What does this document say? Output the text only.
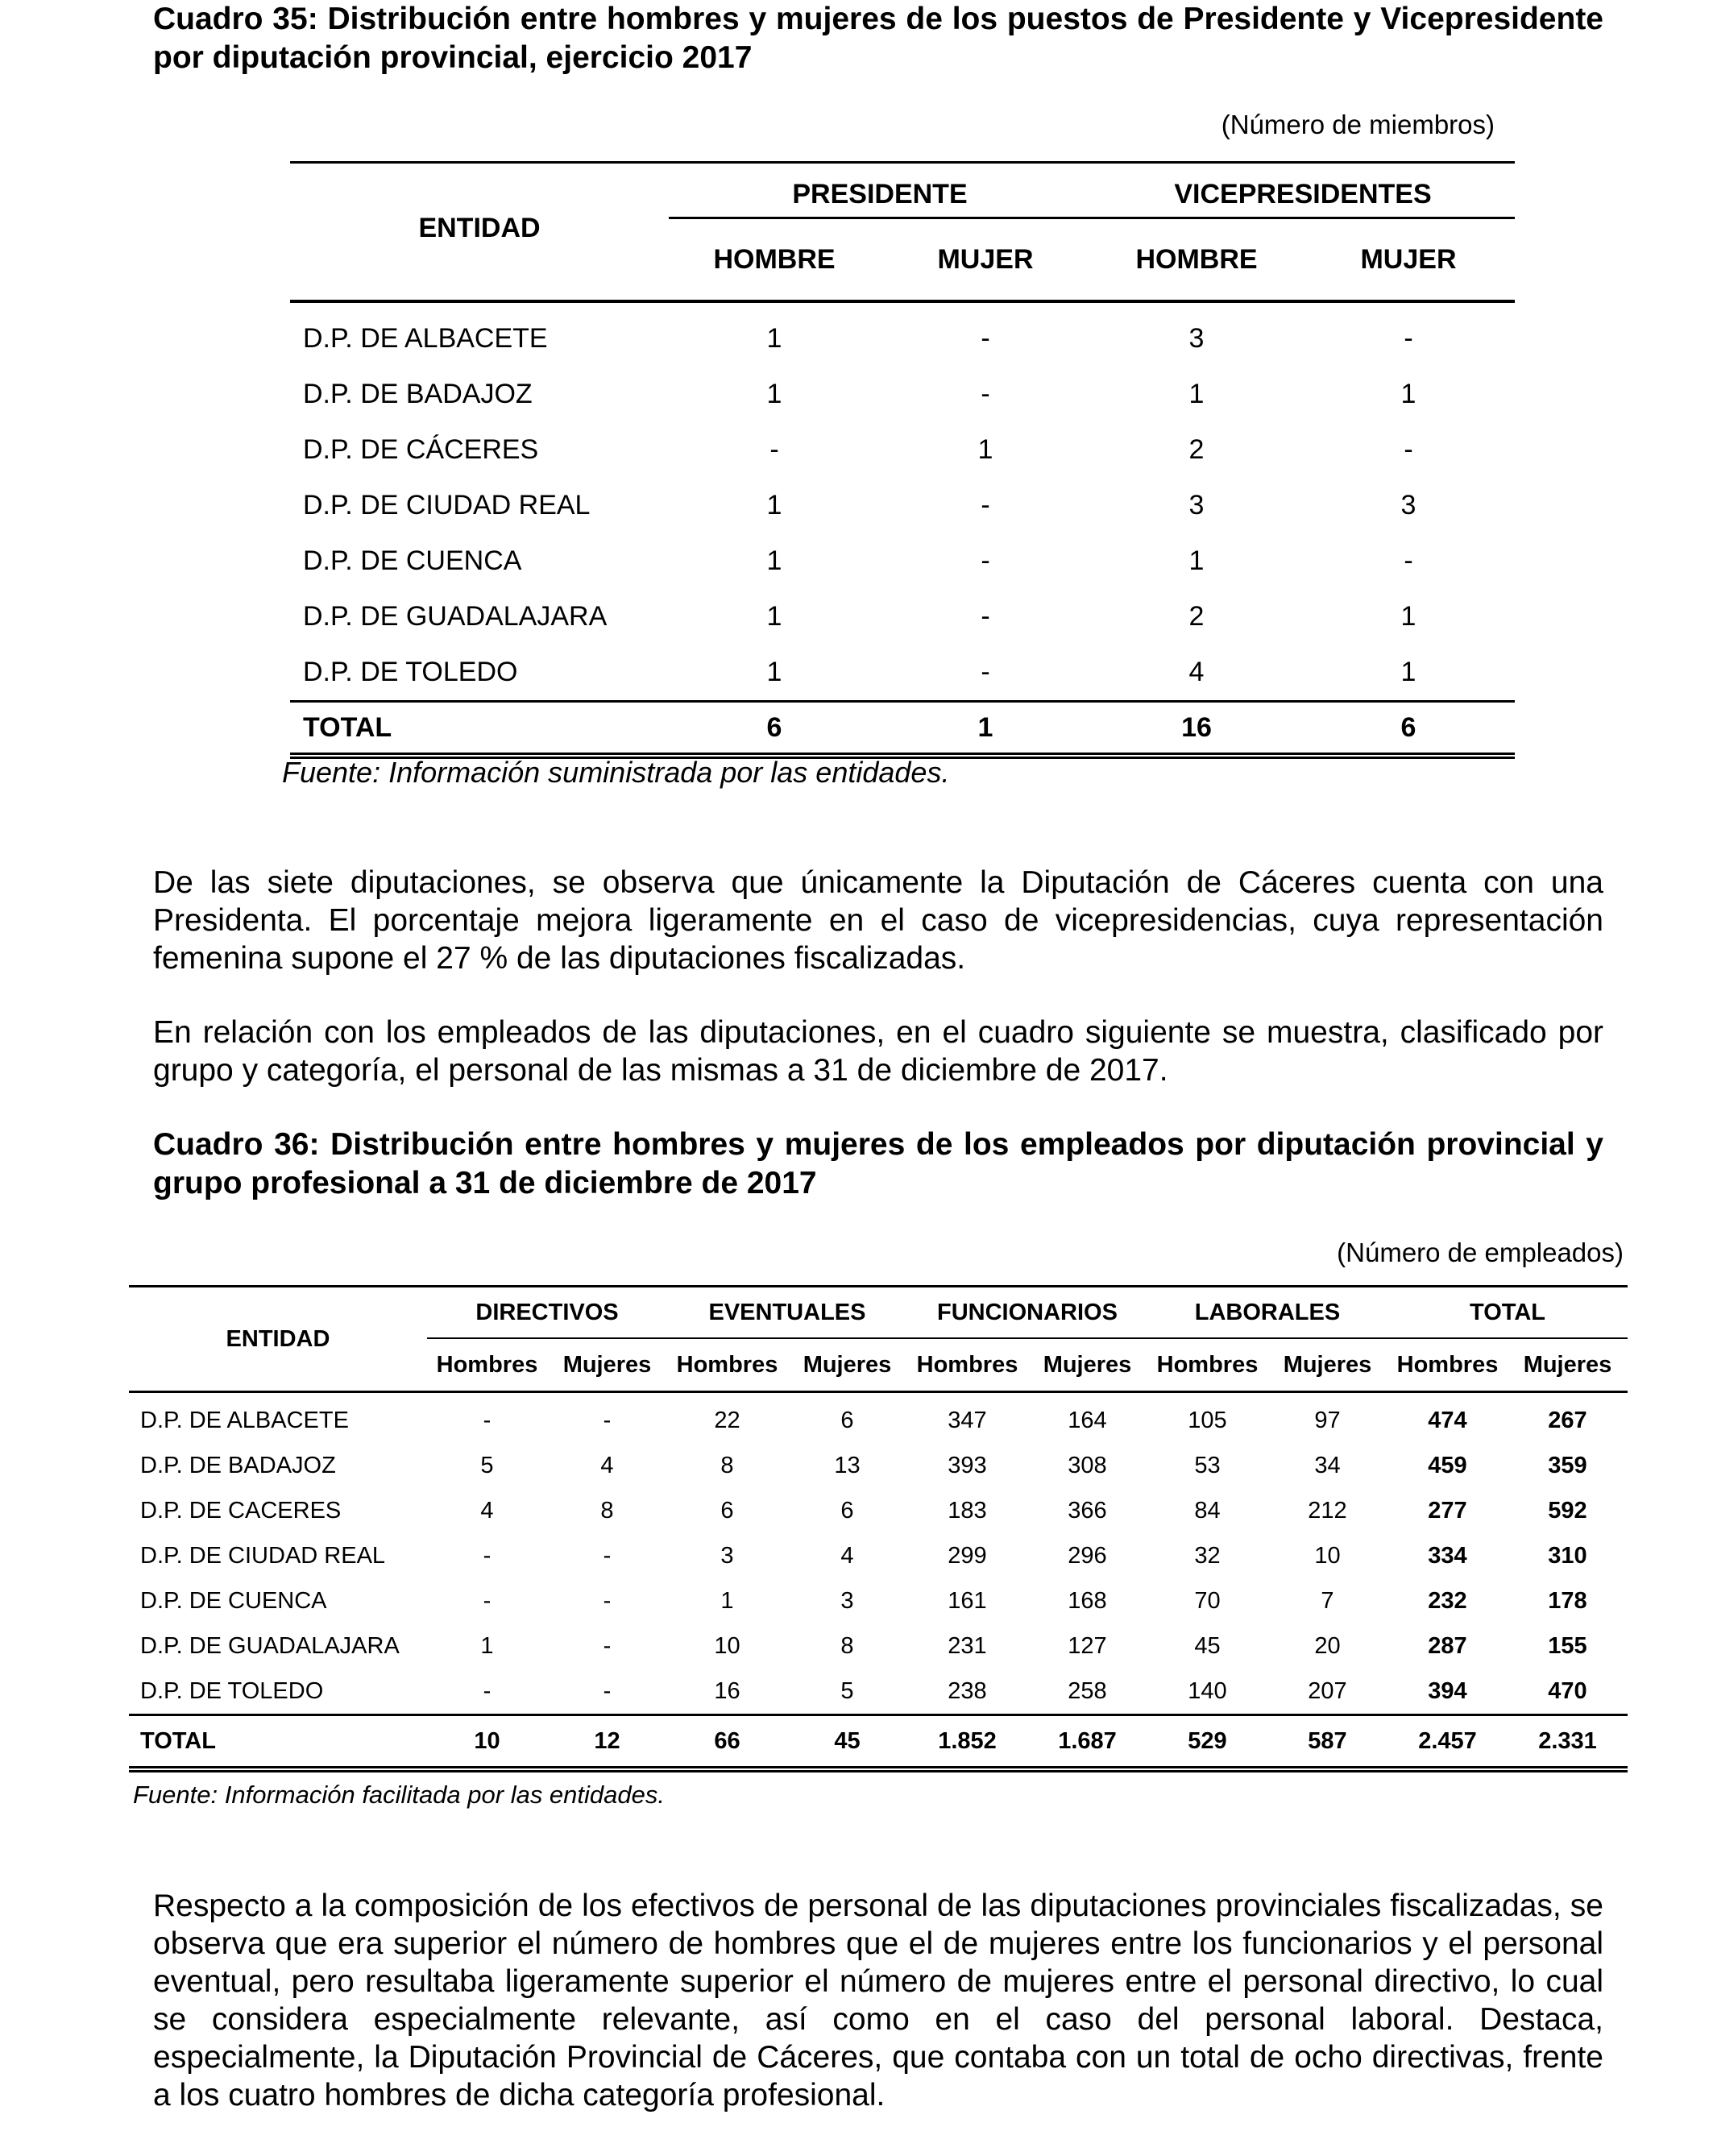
Cuadro 35: Distribución entre hombres y mujeres de los puestos de Presidente y Vicepresidente por diputación provincial, ejercicio 2017

(Número de miembros)

ENTIDAD	PRESIDENTE		VICEPRESIDENTES	
	HOMBRE	MUJER	HOMBRE	MUJER
D.P. DE ALBACETE	1	-	3	-
D.P. DE BADAJOZ	1	-	1	1
D.P. DE CÁCERES	-	1	2	-
D.P. DE CIUDAD REAL	1	-	3	3
D.P. DE CUENCA	1	-	1	-
D.P. DE GUADALAJARA	1	-	2	1
D.P. DE TOLEDO	1	-	4	1
TOTAL	6	1	16	6

Fuente: Información suministrada por las entidades.

De las siete diputaciones, se observa que únicamente la Diputación de Cáceres cuenta con una Presidenta. El porcentaje mejora ligeramente en el caso de vicepresidencias, cuya representación femenina supone el 27 % de las diputaciones fiscalizadas.

En relación con los empleados de las diputaciones, en el cuadro siguiente se muestra, clasificado por grupo y categoría, el personal de las mismas a 31 de diciembre de 2017.

Cuadro 36: Distribución entre hombres y mujeres de los empleados por diputación provincial y grupo profesional a 31 de diciembre de 2017

(Número de empleados)

ENTIDAD	DIRECTIVOS		EVENTUALES		FUNCIONARIOS		LABORALES		TOTAL	
	Hombres	Mujeres	Hombres	Mujeres	Hombres	Mujeres	Hombres	Mujeres	Hombres	Mujeres
D.P. DE ALBACETE	-	-	22	6	347	164	105	97	474	267
D.P. DE BADAJOZ	5	4	8	13	393	308	53	34	459	359
D.P. DE CACERES	4	8	6	6	183	366	84	212	277	592
D.P. DE CIUDAD REAL	-	-	3	4	299	296	32	10	334	310
D.P. DE CUENCA	-	-	1	3	161	168	70	7	232	178
D.P. DE GUADALAJARA	1	-	10	8	231	127	45	20	287	155
D.P. DE TOLEDO	-	-	16	5	238	258	140	207	394	470
TOTAL	10	12	66	45	1.852	1.687	529	587	2.457	2.331

Fuente: Información facilitada por las entidades.

Respecto a la composición de los efectivos de personal de las diputaciones provinciales fiscalizadas, se observa que era superior el número de hombres que el de mujeres entre los funcionarios y el personal eventual, pero resultaba ligeramente superior el número de mujeres entre el personal directivo, lo cual se considera especialmente relevante, así como en el caso del personal laboral. Destaca, especialmente, la Diputación Provincial de Cáceres, que contaba con un total de ocho directivas, frente a los cuatro hombres de dicha categoría profesional.
